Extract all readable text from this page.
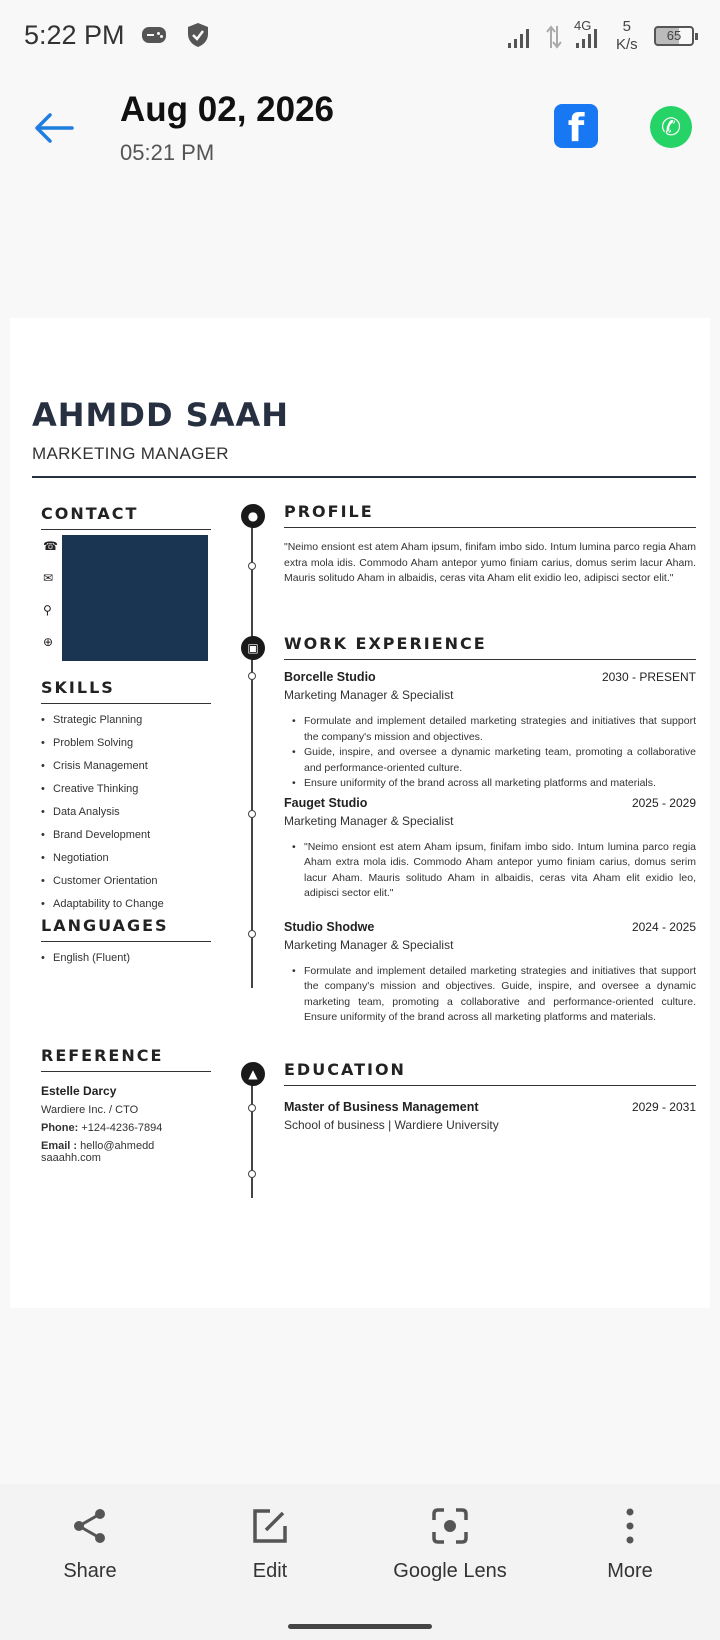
5:22 PM	4G	5
K/s
65
Aug 02, 2026
05:21 PM
f
✆
AHMDD SAAH
MARKETING MANAGER
CONTACT
☎
✉
⚲
⊕
SKILLS
• Strategic Planning
• Problem Solving
• Crisis Management
• Creative Thinking
• Data Analysis
• Brand Development
• Negotiation
• Customer Orientation
• Adaptability to Change
LANGUAGES
• English (Fluent)
REFERENCE
Estelle Darcy
Wardiere Inc. / CTO
Phone: +124-4236-7894
Email : hello@ahmedd saaahh.com
●
▣
▲
PROFILE
"Neimo ensiont est atem Aham ipsum, finifam imbo sido. Intum lumina parco regia Aham extra mola idis. Commodo Aham antepor yumo finiam carius, domus serim lacur Aham. Mauris solitudo Aham in albaidis, ceras vita Aham elit exidio leo, adipisci sector elit."
WORK EXPERIENCE
Borcelle Studio	2030 - PRESENT
Marketing Manager & Specialist
• Formulate and implement detailed marketing strategies and initiatives that support the company's mission and objectives.
• Guide, inspire, and oversee a dynamic marketing team, promoting a collaborative and performance-oriented culture.
• Ensure uniformity of the brand across all marketing platforms and materials.
Fauget Studio	2025 - 2029
Marketing Manager & Specialist
• "Neimo ensiont est atem Aham ipsum, finifam imbo sido. Intum lumina parco regia Aham extra mola idis. Commodo Aham antepor yumo finiam carius, domus serim lacur Aham. Mauris solitudo Aham in albaidis, ceras vita Aham elit exidio leo, adipisci sector elit."
Studio Shodwe	2024 - 2025
Marketing Manager & Specialist
• Formulate and implement detailed marketing strategies and initiatives that support the company's mission and objectives. Guide, inspire, and oversee a dynamic marketing team, promoting a collaborative and performance-oriented culture. Ensure uniformity of the brand across all marketing platforms and materials.
EDUCATION
Master of Business Management	2029 - 2031
School of business | Wardiere University
Share	Edit	Google Lens	More
